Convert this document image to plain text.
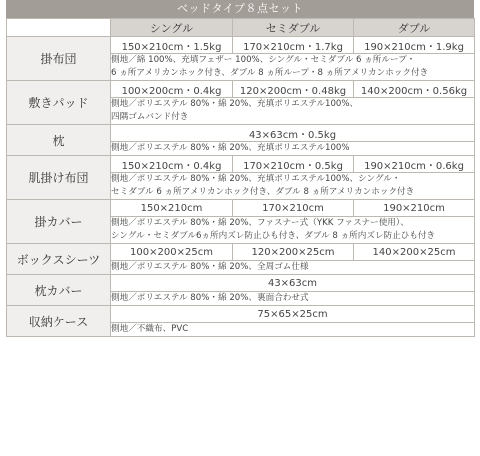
ベッドタイプ８点セット
	シングル	セミダブル	ダブル
掛布団	150×210cm・1.5kg	170×210cm・1.7kg	190×210cm・1.9kg

	側地／綿 100%、充填フェザー 100%、シングル・セミダブル 6 ヵ所ループ・
6 ヵ所アメリカンホック付き、ダブル 8 ヵ所ループ・8 ヵ所アメリカンホック付き		

敷きパッド	100×200cm・0.4kg	120×200cm・0.48kg	140×200cm・0.56kg

	側地／ポリエステル 80%・綿 20%、充填ポリエステル100%、
四隅ゴムバンド付き		

枕	43×63cm・0.5kg		

	側地／ポリエステル 80%・綿 20%、充填ポリエステル100%		

肌掛け布団	150×210cm・0.4kg	170×210cm・0.5kg	190×210cm・0.6kg

	側地／ポリエステル 80%・綿 20%、充填ポリエステル100%、シングル・
セミダブル 6 ヵ所アメリカンホック付き、ダブル 8 ヵ所アメリカンホック付き		

掛カバー	150×210cm	170×210cm	190×210cm

	側地／ポリエステル 80%・綿 20%、ファスナー式（YKK ファスナー使用）、
シングル・セミダブル6ヵ所内ズレ防止ひも付き、ダブル 8 ヵ所内ズレ防止ひも付き		

ボックスシーツ	100×200×25cm	120×200×25cm	140×200×25cm

	側地／ポリエステル 80%・綿 20%、全周ゴム仕様		

枕カバー	43×63cm		

	側地／ポリエステル 80%・綿 20%、裏面合わせ式		

収納ケース	75×65×25cm		

	側地／不織布、PVC		
